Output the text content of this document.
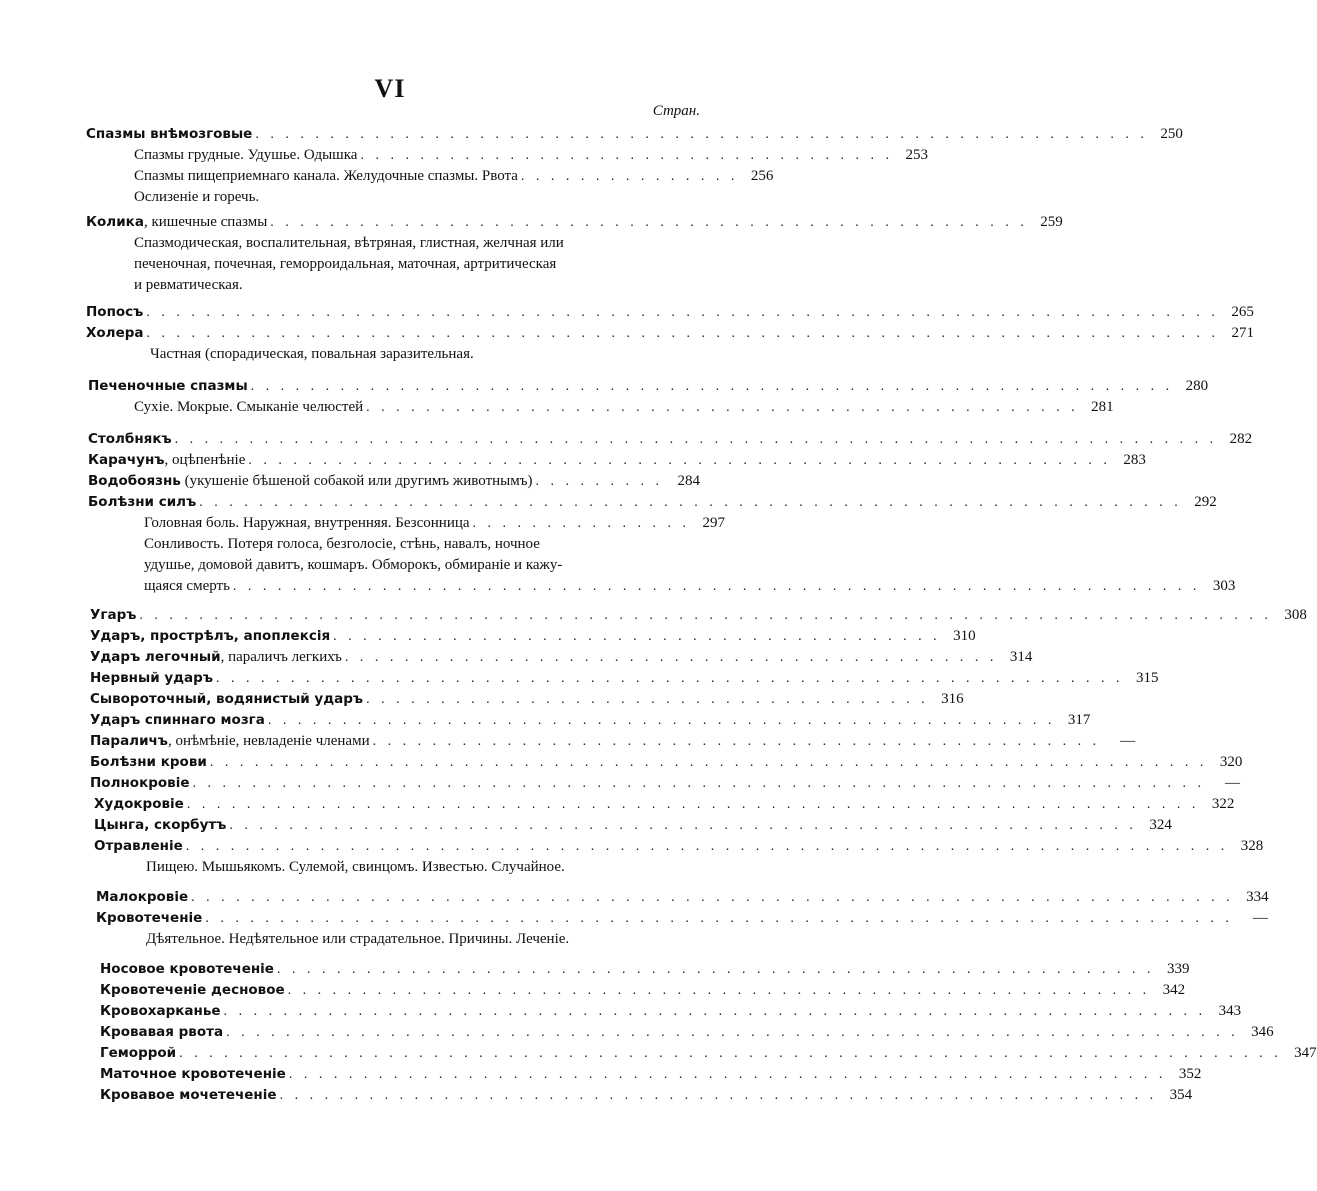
VI
Стран.
Спазмы внѣмозговые . . . . . . . . . . . . . . . . . . . . . . . . . . . . . . . . . . . . . . . . . . . . . . . . . . . . . . . . . . . . 250
Спазмы грудные. Удушье. Одышка . . . . . . . . . . . . . . . . . . . . . . . . . . . . . . . . . . . . 253
Спазмы пищеприемнаго канала. Желудочные спазмы. Рвота . . . . . . . . . . . . . . . 256
Ослизеніе и горечь.
Колика, кишечные спазмы . . . . . . . . . . . . . . . . . . . . . . . . . . . . . . . . . . . . . . . . . . . . . . . . . . . 259
Спазмодическая, воспалительная, вѣтряная, глистная, желчная или
печеночная, почечная, геморроидальная, маточная, артритическая
и ревматическая.
Попосъ . . . . . . . . . . . . . . . . . . . . . . . . . . . . . . . . . . . . . . . . . . . . . . . . . . . . . . . . . . . . . . . . . . . . . . . . 265
Холера . . . . . . . . . . . . . . . . . . . . . . . . . . . . . . . . . . . . . . . . . . . . . . . . . . . . . . . . . . . . . . . . . . . . . . . . 271
Частная (спорадическая, повальная заразительная.
Печеночные спазмы . . . . . . . . . . . . . . . . . . . . . . . . . . . . . . . . . . . . . . . . . . . . . . . . . . . . . . . . . . . . . . 280
Сухіе. Мокрые. Смыканіе челюстей . . . . . . . . . . . . . . . . . . . . . . . . . . . . . . . . . . . . . . . . . . . . . . . . 281
Столбнякъ . . . . . . . . . . . . . . . . . . . . . . . . . . . . . . . . . . . . . . . . . . . . . . . . . . . . . . . . . . . . . . . . . . . . . . 282
Карачунъ, оцѣпенѣніе . . . . . . . . . . . . . . . . . . . . . . . . . . . . . . . . . . . . . . . . . . . . . . . . . . . . . . . . . . 283
Водобоязнь (укушеніе бѣшеной собакой или другимъ животнымъ) . . . . . . . . . 284
Болѣзни силъ . . . . . . . . . . . . . . . . . . . . . . . . . . . . . . . . . . . . . . . . . . . . . . . . . . . . . . . . . . . . . . . . . . 292
Головная боль. Наружная, внутренняя. Безсонница . . . . . . . . . . . . . . . 297
Сонливость. Потеря голоса, безголосіе, стѣнь, навалъ, ночное
удушье, домовой давитъ, кошмаръ. Обморокъ, обмираніе и кажу-
щаяся смерть . . . . . . . . . . . . . . . . . . . . . . . . . . . . . . . . . . . . . . . . . . . . . . . . . . . . . . . . . . . . . . . . . 303
Угаръ . . . . . . . . . . . . . . . . . . . . . . . . . . . . . . . . . . . . . . . . . . . . . . . . . . . . . . . . . . . . . . . . . . . . . . . . . . . . 308
Ударъ, прострѣлъ, апоплексія . . . . . . . . . . . . . . . . . . . . . . . . . . . . . . . . . . . . . . . . . 310
Ударъ легочный, параличъ легкихъ . . . . . . . . . . . . . . . . . . . . . . . . . . . . . . . . . . . . . . . . . . . . 314
Нервный ударъ . . . . . . . . . . . . . . . . . . . . . . . . . . . . . . . . . . . . . . . . . . . . . . . . . . . . . . . . . . . . . 315
Сывороточный, водянистый ударъ . . . . . . . . . . . . . . . . . . . . . . . . . . . . . . . . . . . . . . 316
Ударъ спиннаго мозга . . . . . . . . . . . . . . . . . . . . . . . . . . . . . . . . . . . . . . . . . . . . . . . . . . . . . 317
Параличъ, онѣмѣніе, невладеніе членами . . . . . . . . . . . . . . . . . . . . . . . . . . . . . . . . . . . . . . . . . . . . . . . . .	—
Болѣзни крови . . . . . . . . . . . . . . . . . . . . . . . . . . . . . . . . . . . . . . . . . . . . . . . . . . . . . . . . . . . . . . . . . . . 320
Полнокровіе . . . . . . . . . . . . . . . . . . . . . . . . . . . . . . . . . . . . . . . . . . . . . . . . . . . . . . . . . . . . . . . . . . . .	—
Худокровіе . . . . . . . . . . . . . . . . . . . . . . . . . . . . . . . . . . . . . . . . . . . . . . . . . . . . . . . . . . . . . . . . . . . . 322
Цынга, скорбутъ . . . . . . . . . . . . . . . . . . . . . . . . . . . . . . . . . . . . . . . . . . . . . . . . . . . . . . . . . . . . . 324
Отравленіе . . . . . . . . . . . . . . . . . . . . . . . . . . . . . . . . . . . . . . . . . . . . . . . . . . . . . . . . . . . . . . . . . . . . . . 328
Пищею. Мышьякомъ. Сулемой, свинцомъ. Известью. Случайное.
Малокровіе . . . . . . . . . . . . . . . . . . . . . . . . . . . . . . . . . . . . . . . . . . . . . . . . . . . . . . . . . . . . . . . . . . . . . . 334
Кровотеченіе . . . . . . . . . . . . . . . . . . . . . . . . . . . . . . . . . . . . . . . . . . . . . . . . . . . . . . . . . . . . . . . . . . . . .	—
Дѣятельное. Недѣятельное или страдательное. Причины. Леченіе.
Носовое кровотеченіе . . . . . . . . . . . . . . . . . . . . . . . . . . . . . . . . . . . . . . . . . . . . . . . . . . . . . . . . . . . 339
Кровотеченіе десновое . . . . . . . . . . . . . . . . . . . . . . . . . . . . . . . . . . . . . . . . . . . . . . . . . . . . . . . . . . 342
Кровохарканье . . . . . . . . . . . . . . . . . . . . . . . . . . . . . . . . . . . . . . . . . . . . . . . . . . . . . . . . . . . . . . . . . . 343
Кровавая рвота . . . . . . . . . . . . . . . . . . . . . . . . . . . . . . . . . . . . . . . . . . . . . . . . . . . . . . . . . . . . . . . . . . . . 346
Геморрой . . . . . . . . . . . . . . . . . . . . . . . . . . . . . . . . . . . . . . . . . . . . . . . . . . . . . . . . . . . . . . . . . . . . . . . . . . 347
Маточное кровотеченіе . . . . . . . . . . . . . . . . . . . . . . . . . . . . . . . . . . . . . . . . . . . . . . . . . . . . . . . . . . . 352
Кровавое мочетеченіе . . . . . . . . . . . . . . . . . . . . . . . . . . . . . . . . . . . . . . . . . . . . . . . . . . . . . . . . . . . 354
